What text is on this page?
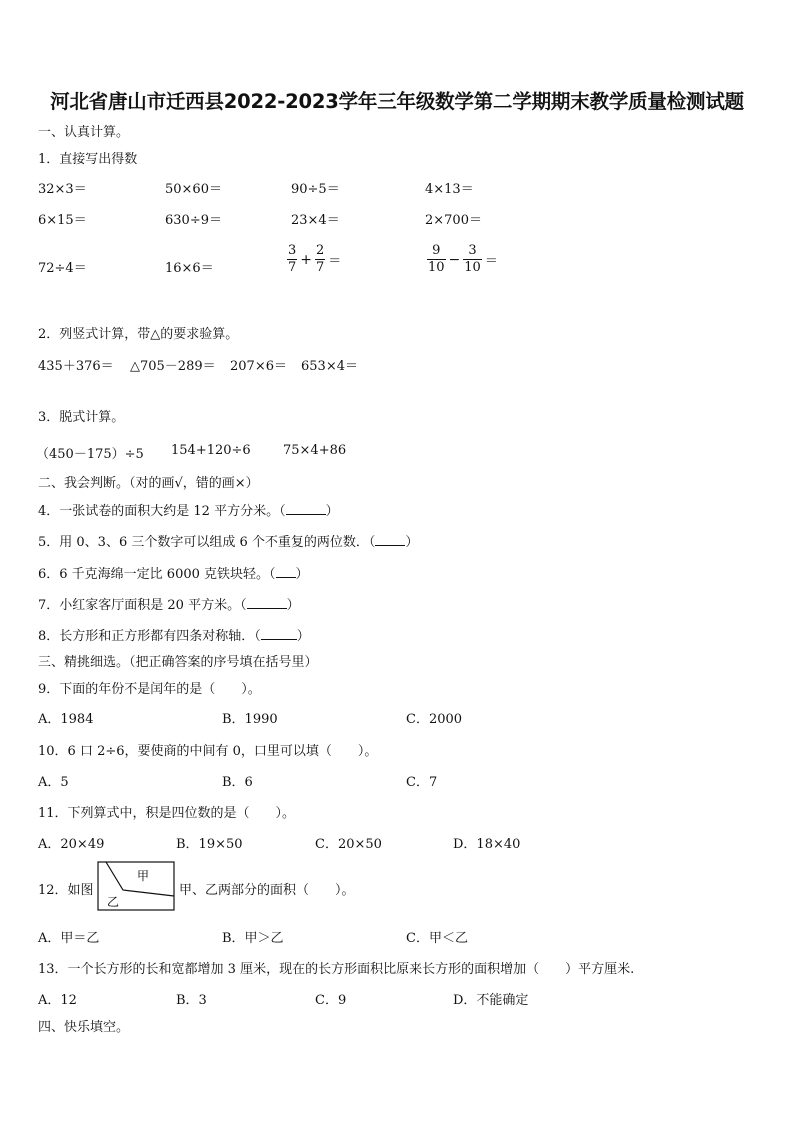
河北省唐山市迁西县2022-2023学年三年级数学第二学期期末教学质量检测试题
一、认真计算。
1．直接写出得数
32×3＝	50×60＝	90÷5＝	4×13＝
6×15＝	630÷9＝	23×4＝	2×700＝
72÷4＝	16×6＝	$\frac{3}{7} + \frac{2}{7}$ ＝	$\frac{9}{10} - \frac{3}{10}$ ＝
2．列竖式计算，带△的要求验算。
435＋376＝ △705－289＝ 207×6＝ 653×4＝
3．脱式计算。
（450－175）÷5 154+120÷6 75×4+86
二、我会判断。（对的画√，错的画×）
4．一张试卷的面积大约是 12 平方分米。（	）
5．用 0、3、6 三个数字可以组成 6 个不重复的两位数．（ ）
6．6 千克海绵一定比 6000 克铁块轻。（ ）
7．小红家客厅面积是 20 平方米。（	）
8．长方形和正方形都有四条对称轴．（	）
三、精挑细选。（把正确答案的序号填在括号里）
9．下面的年份不是闰年的是（　　）。
A．1984	B．1990	C．2000
10．6 口 2÷6，要使商的中间有 0，口里可以填（　　）。
A．5	B．6	C．7
11．下列算式中，积是四位数的是（　　）。
A．20×49	B．19×50	C．20×50	D．18×40
12．如图
甲
乙
甲、乙两部分的面积（　　）。
A．甲＝乙	B．甲＞乙	C．甲＜乙
13．一个长方形的长和宽都增加 3 厘米，现在的长方形面积比原来长方形的面积增加（　　）平方厘米.
A．12	B．3	C．9	D．不能确定
四、快乐填空。
